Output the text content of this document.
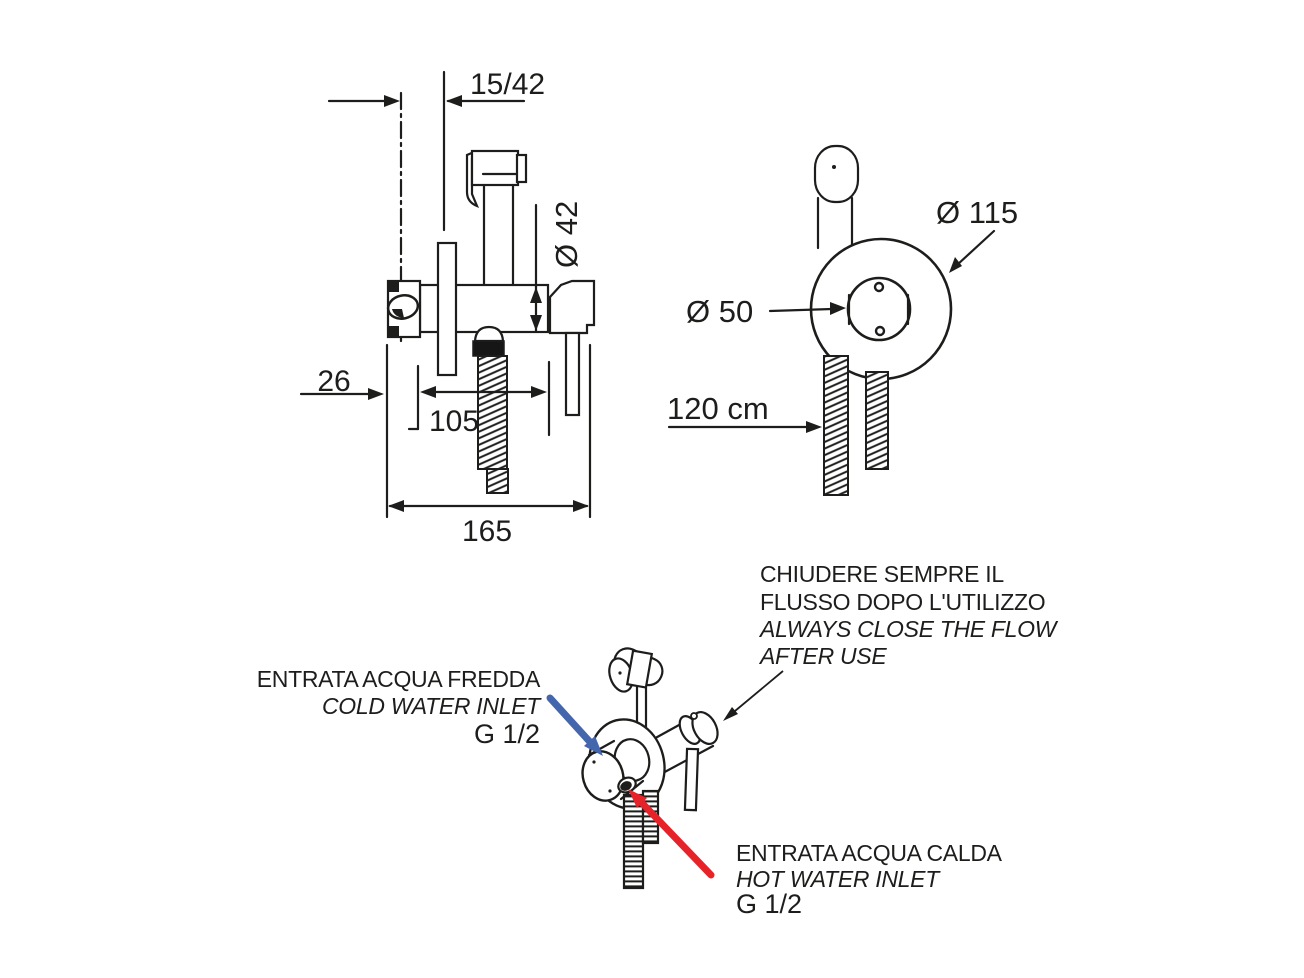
15/42
Ø 42
26
105
165
Ø 115
Ø 50
120 cm
CHIUDERE SEMPRE IL
FLUSSO DOPO L'UTILIZZO
ALWAYS CLOSE THE FLOW
AFTER USE
ENTRATA ACQUA FREDDA
COLD WATER INLET
G 1/2
ENTRATA ACQUA CALDA
HOT WATER INLET
G 1/2
